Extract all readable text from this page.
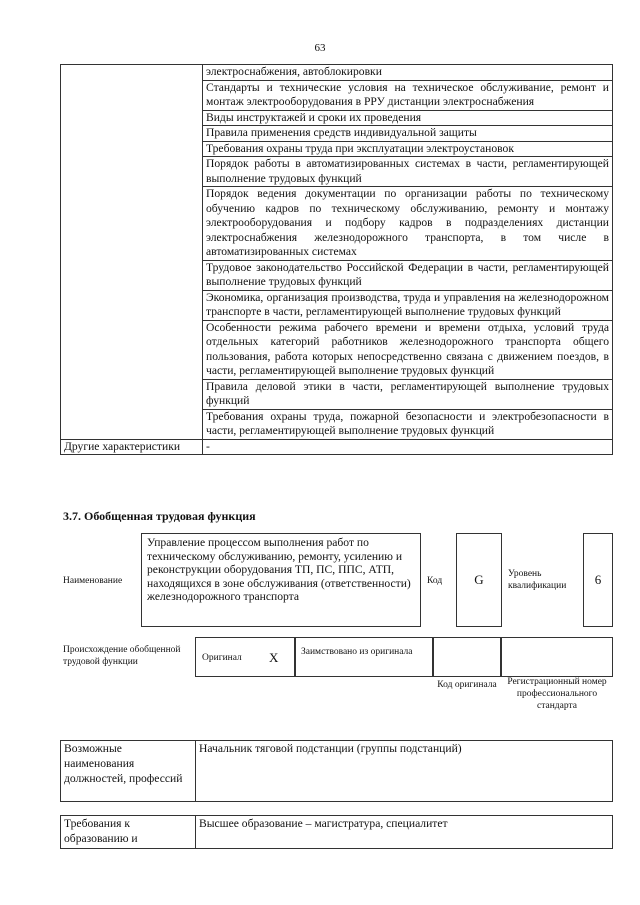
63
	электроснабжения, автоблокировки
	Стандарты и технические условия на техническое обслуживание, ремонт и монтаж электрооборудования в РРУ дистанции электроснабжения
	Виды инструктажей и сроки их проведения
	Правила применения средств индивидуальной защиты
	Требования охраны труда при эксплуатации электроустановок
	Порядок работы в автоматизированных системах в части, регламентирующей выполнение трудовых функций
	Порядок ведения документации по организации работы по техническому обучению кадров по техническому обслуживанию, ремонту и монтажу электрооборудования и подбору кадров в подразделениях дистанции электроснабжения железнодорожного транспорта, в том числе в автоматизированных системах
	Трудовое законодательство Российской Федерации в части, регламентирующей выполнение трудовых функций
	Экономика, организация производства, труда и управления на железнодорожном транспорте в части, регламентирующей выполнение трудовых функций
	Особенности режима рабочего времени и времени отдыха, условий труда отдельных категорий работников железнодорожного транспорта общего пользования, работа которых непосредственно связана с движением поездов, в части, регламентирующей выполнение трудовых функций
	Правила деловой этики в части, регламентирующей выполнение трудовых функций
	Требования охраны труда, пожарной безопасности и электробезопасности в части, регламентирующей выполнение трудовых функций
Другие характеристики	-
3.7. Обобщенная трудовая функция
Наименование
Управление процессом выполнения работ по техническому обслуживанию, ремонту, усилению и реконструкции оборудования ТП, ПС, ППС, АТП, находящихся в зоне обслуживания (ответственности) железнодорожного транспорта
Код	G	Уровень квалификации	6
Происхождение обобщенной трудовой функции	Оригинал X Заимствовано из оригинала
Код оригинала	Регистрационный номер профессионального стандарта
Возможные наименования должностей, профессий	Начальник тяговой подстанции (группы подстанций)
Требования к образованию и	Высшее образование – магистратура, специалитет
